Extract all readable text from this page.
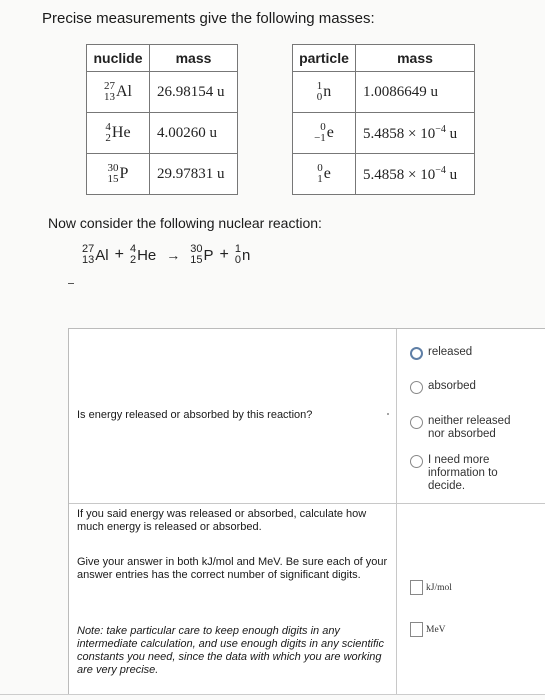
Precise measurements give the following masses:
nuclide	mass

27
13 Al	26.98154 u

4
2 He	4.00260 u

30
15 P	29.97831 u
particle	mass

1
0 n	1.0086649 u

0
−1 e	$5.4858 \times 10^{-4}$ u

0
1 e	$5.4858 \times 10^{-4}$ u
Now consider the following nuclear reaction:
27
13 Al + 4
2 He → 30
15 P + 1
0 n
Is energy released or absorbed by this reaction?
released
absorbed
neither released nor absorbed
I need more information to decide.
If you said energy was released or absorbed, calculate how much energy is released or absorbed.
Give your answer in both kJ/mol and MeV. Be sure each of your answer entries has the correct number of significant digits.
Note: take particular care to keep enough digits in any intermediate calculation, and use enough digits in any scientific constants you need, since the data with which you are working are very precise.
kJ/mol
MeV
